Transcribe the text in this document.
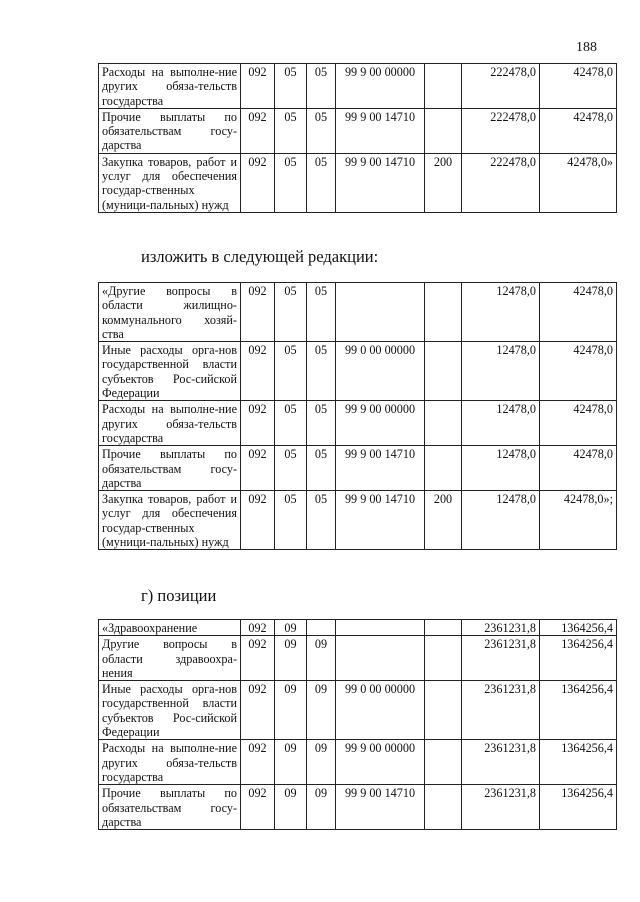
188
Расходы на выполне-ние других обяза-тельств государства	092	05	05	99 9 00 00000		222478,0	42478,0
Прочие выплаты по обязательствам госу-дарства	092	05	05	99 9 00 14710		222478,0	42478,0
Закупка товаров, работ и услуг для обеспечения государ-ственных (муници-пальных) нужд	092	05	05	99 9 00 14710	200	222478,0	42478,0»
изложить в следующей редакции:
«Другие вопросы в области жилищно-коммунального хозяй-ства	092	05	05			12478,0	42478,0
Иные расходы орга-нов государственной власти субъектов Рос-сийской Федерации	092	05	05	99 0 00 00000		12478,0	42478,0
Расходы на выполне-ние других обяза-тельств государства	092	05	05	99 9 00 00000		12478,0	42478,0
Прочие выплаты по обязательствам госу-дарства	092	05	05	99 9 00 14710		12478,0	42478,0
Закупка товаров, работ и услуг для обеспечения государ-ственных (муници-пальных) нужд	092	05	05	99 9 00 14710	200	12478,0	42478,0»;
г) позиции
«Здравоохранение	092	09				2361231,8	1364256,4
Другие вопросы в области здравоохра-нения	092	09	09			2361231,8	1364256,4
Иные расходы орга-нов государственной власти субъектов Рос-сийской Федерации	092	09	09	99 0 00 00000		2361231,8	1364256,4
Расходы на выполне-ние других обяза-тельств государства	092	09	09	99 9 00 00000		2361231,8	1364256,4
Прочие выплаты по обязательствам госу-дарства	092	09	09	99 9 00 14710		2361231,8	1364256,4
